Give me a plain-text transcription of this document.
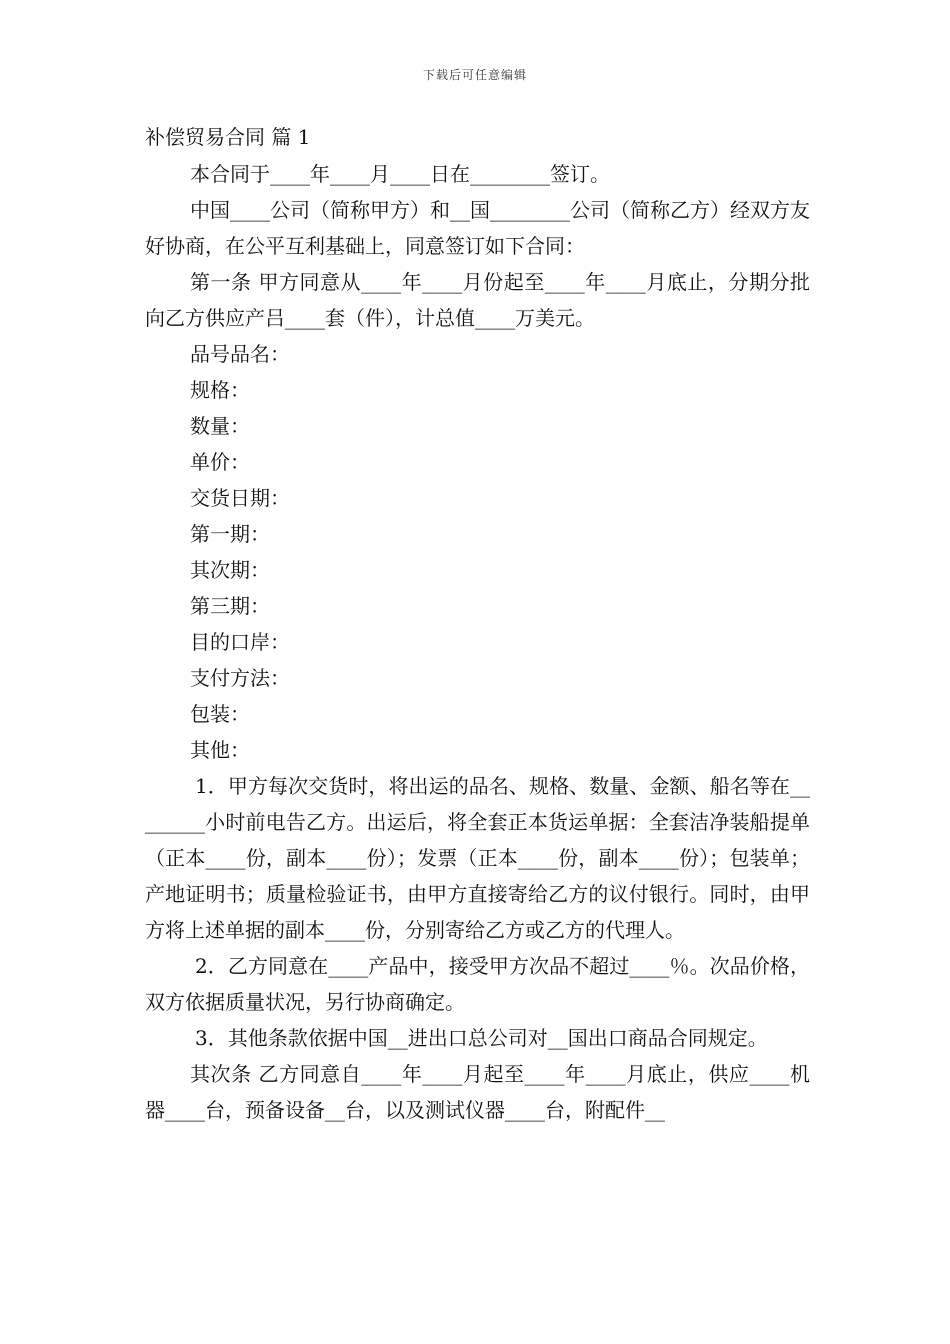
下载后可任意编辑
补偿贸易合同 篇 1

本合同于____年____月____日在________签订。

中国____公司（简称甲方）和__国________公司（简称乙方）经双方友好协商，在公平互利基础上，同意签订如下合同：

第一条 甲方同意从____年____月份起至____年____月底止，分期分批向乙方供应产吕____套（件），计总值____万美元。

品号品名：

规格：

数量：

单价：

交货日期：

第一期：

其次期：

第三期：

目的口岸：

支付方法：

包装：

其他：

1．甲方每次交货时，将出运的品名、规格、数量、金额、船名等在________小时前电告乙方。出运后，将全套正本货运单据：全套洁净装船提单（正本____份，副本____份）；发票（正本____份，副本____份）；包装单；产地证明书；质量检验证书，由甲方直接寄给乙方的议付银行。同时，由甲方将上述单据的副本____份，分别寄给乙方或乙方的代理人。

2．乙方同意在____产品中，接受甲方次品不超过____％。次品价格，双方依据质量状况，另行协商确定。

3．其他条款依据中国__进出口总公司对__国出口商品合同规定。

其次条 乙方同意自____年____月起至____年____月底止，供应____机器____台，预备设备__台，以及测试仪器____台，附配件__
